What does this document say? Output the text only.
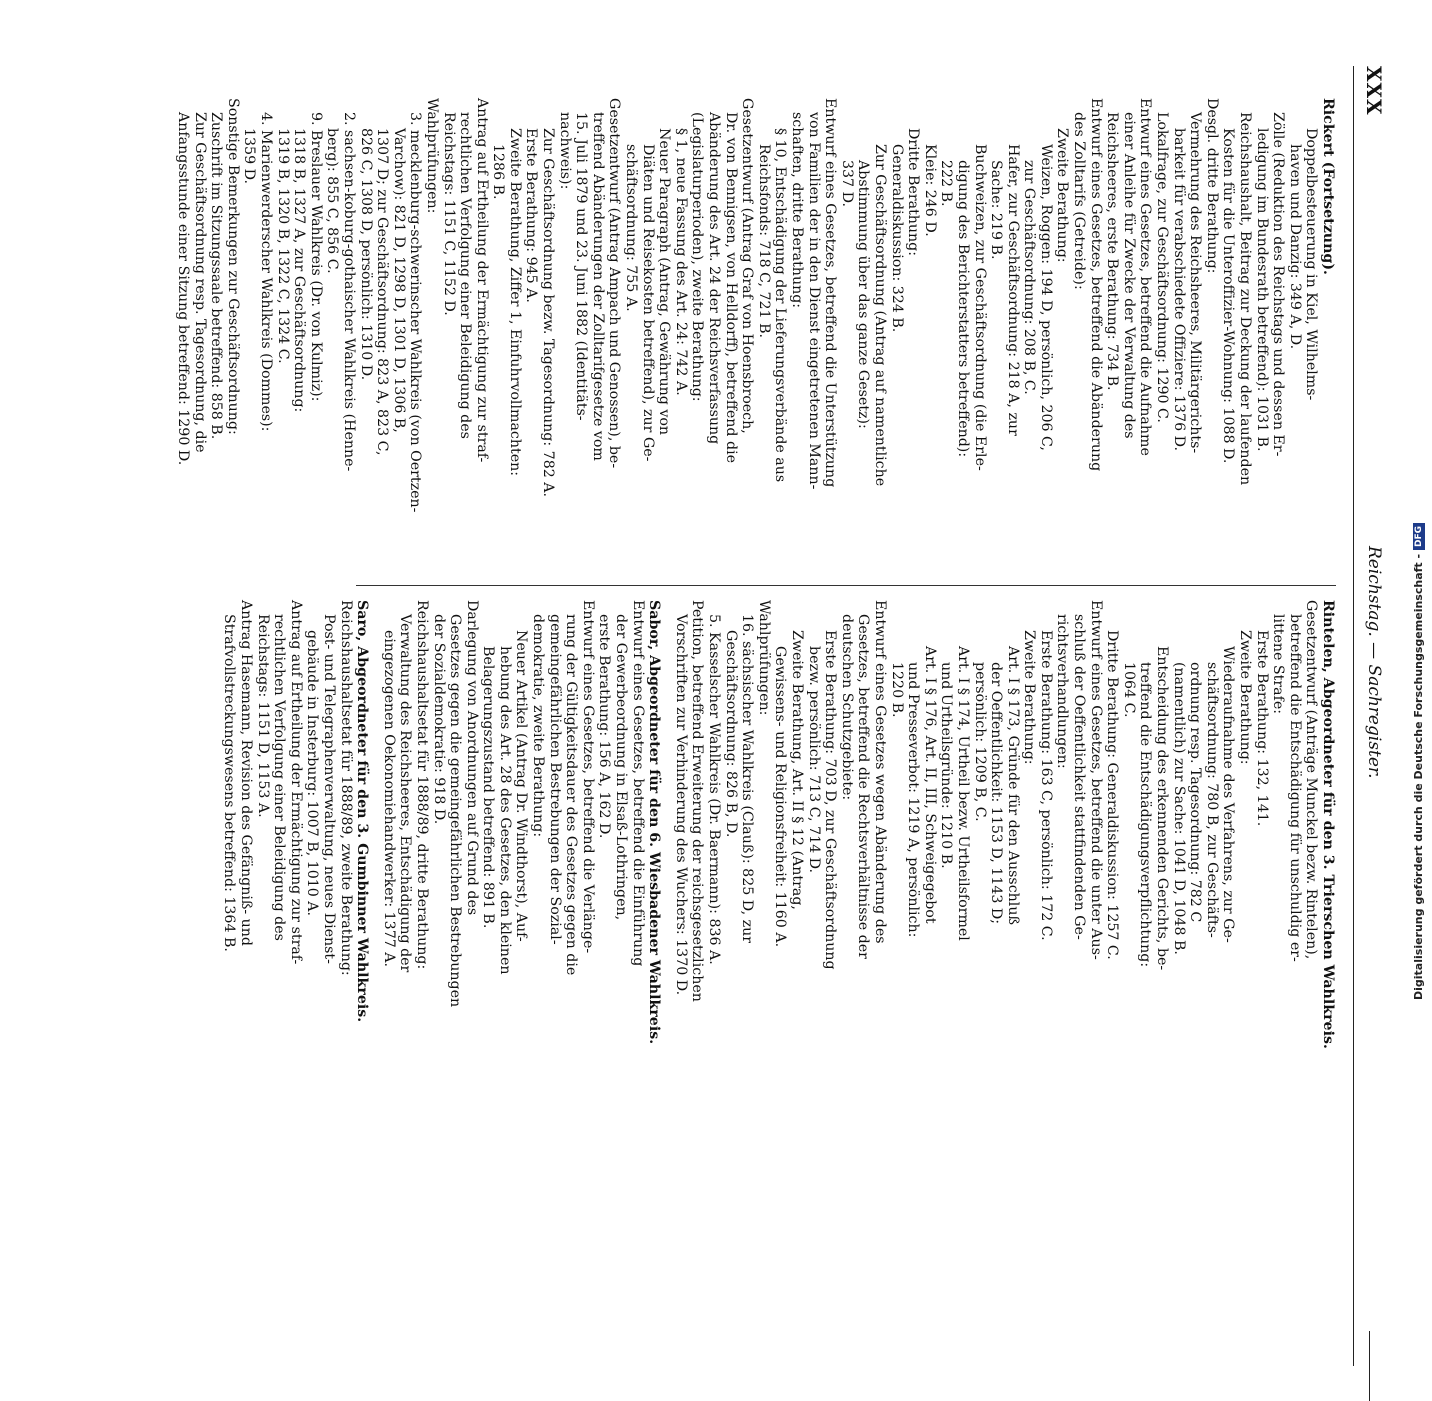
XXX
Reichstag. — Sachregister.
Rickert (Fortsetzung).
Doppelbesteuerung in Kiel, Wilhelms-
haven und Danzig: 349 A, D.
Zölle (Reduktion des Reichstags und dessen Er-
ledigung im Bundesrath betreffend): 1031 B.
Reichshaushalt, Beitrag zur Deckung der laufenden
Kosten für die Unteroffizier-Wohnung: 1088 D.
Desgl. dritte Berathung:
Vermehrung des Reichsheeres, Militärgerichts-
barkeit für verabschiedete Offiziere: 1376 D.
Lokalfrage, zur Geschäftsordnung: 1290 C.
Entwurf eines Gesetzes, betreffend die Aufnahme
einer Anleihe für Zwecke der Verwaltung des
Reichsheeres, erste Berathung: 734 B.
Entwurf eines Gesetzes, betreffend die Abänderung
des Zolltarifs (Getreide):
Zweite Berathung:
Weizen, Roggen: 194 D, persönlich, 206 C,
zur Geschäftsordnung: 208 B, C.
Hafer, zur Geschäftsordnung: 218 A, zur
Sache: 219 B.
Buchweizen, zur Geschäftsordnung (die Erle-
digung des Berichterstatters betreffend):
222 B.
Kleie: 246 D.
Dritte Berathung:
Generaldiskussion: 324 B.
Zur Geschäftsordnung (Antrag auf namentliche
Abstimmung über das ganze Gesetz):
337 D.
Entwurf eines Gesetzes, betreffend die Unterstützung
von Familien der in den Dienst eingetretenen Mann-
schaften, dritte Berathung:
§ 10, Entschädigung der Lieferungsverbände aus
Reichsfonds: 718 C, 721 B.
Gesetzentwurf (Antrag Graf von Hoensbroech,
Dr. von Bennigsen, von Helldorff), betreffend die
Abänderung des Art. 24 der Reichsverfassung
(Legislaturperioden), zweite Berathung:
§ 1, neue Fassung des Art. 24: 742 A.
Neuer Paragraph (Antrag, Gewährung von
Diäten und Reisekosten betreffend), zur Ge-
schäftsordnung: 755 A.
Gesetzentwurf (Antrag Ampach und Genossen), be-
treffend Abänderungen der Zolltarifgesetze vom
15. Juli 1879 und 23. Juni 1882 (Identitäts-
nachweis):
Zur Geschäftsordnung bezw. Tagesordnung: 782 A.
Erste Berathung: 945 A.
Zweite Berathung, Ziffer 1, Einfuhrvollmachten:
1286 B.
Antrag auf Ertheilung der Ermächtigung zur straf-
rechtlichen Verfolgung einer Beleidigung des
Reichstags: 1151 C, 1152 D.
Wahlprüfungen:
3. mecklenburg-schwerinscher Wahlkreis (von Oertzen-
Varchow): 821 D, 1298 D, 1301 D, 1306 B,
1307 D; zur Geschäftsordnung: 823 A, 823 C,
826 C, 1308 D, persönlich: 1310 D.
2. sachsen-koburg-gothaischer Wahlkreis (Henne-
berg): 855 C, 856 C.
9. Breslauer Wahlkreis (Dr. von Kulmiz):
1318 B, 1327 A, zur Geschäftsordnung:
1319 B, 1320 B, 1322 C, 1324 C.
4. Marienwerderscher Wahlkreis (Dommes):
1359 D.
Sonstige Bemerkungen zur Geschäftsordnung:
Zuschrift im Sitzungssaale betreffend: 858 B.
Zur Geschäftsordnung resp. Tagesordnung, die
Anfangsstunde einer Sitzung betreffend: 1290 D.
Rintelen, Abgeordneter für den 3. Trierschen Wahlkreis.
Gesetzentwurf (Anträge Munckel bezw. Rintelen),
betreffend die Entschädigung für unschuldig er-
littene Strafe:
Erste Berathung: 132, 141.
Zweite Berathung:
Wiederaufnahme des Verfahrens, zur Ge-
schäftsordnung: 780 B, zur Geschäfts-
ordnung resp. Tagesordnung: 782 C
(namentlich) zur Sache: 1041 D, 1048 B.
Entscheidung des erkennenden Gerichts, be-
treffend die Entschädigungsverpflichtung:
1064 C.
Dritte Berathung: Generaldiskussion: 1257 C.
Entwurf eines Gesetzes, betreffend die unter Aus-
schluß der Oeffentlichkeit stattfindenden Ge-
richtsverhandlungen:
Erste Berathung: 163 C, persönlich: 172 C.
Zweite Berathung:
Art. I § 173, Gründe für den Ausschluß
der Oeffentlichkeit: 1153 D, 1143 D;
persönlich: 1209 B, C.
Art. I § 174, Urtheil bezw. Urtheilsformel
und Urtheilsgründe: 1210 B.
Art. I § 176, Art. II, III, Schweigegebot
und Presseverbot: 1219 A, persönlich:
1220 B.
Entwurf eines Gesetzes wegen Abänderung des
Gesetzes, betreffend die Rechtsverhältnisse der
deutschen Schutzgebiete:
Erste Berathung: 703 D, zur Geschäftsordnung
bezw. persönlich: 713 C, 714 D.
Zweite Berathung, Art. II § 12 (Antrag,
Gewissens- und Religionsfreiheit: 1160 A.
Wahlprüfungen:
16. sächsischer Wahlkreis (Clauß): 825 D, zur
Geschäftsordnung: 826 B, D.
5. Kasselscher Wahlkreis (Dr. Baermann): 836 A.
Petition, betreffend Erweiterung der reichsgesetzlichen
Vorschriften zur Verhinderung des Wuchers: 1370 D.
Sabor, Abgeordneter für den 6. Wiesbadener Wahlkreis.
Entwurf eines Gesetzes, betreffend die Einführung
der Gewerbeordnung in Elsaß-Lothringen,
erste Berathung: 156 A, 162 D.
Entwurf eines Gesetzes, betreffend die Verlänge-
rung der Gültigkeitsdauer des Gesetzes gegen die
gemeingefährlichen Bestrebungen der Sozial-
demokratie, zweite Berathung:
Neuer Artikel (Antrag Dr. Windthorst), Auf-
hebung des Art. 28 des Gesetzes, den kleinen
Belagerungszustand betreffend: 891 B.
Darlegung von Anordnungen auf Grund des
Gesetzes gegen die gemeingefährlichen Bestrebungen
der Sozialdemokratie: 918 D.
Reichshaushaltsetat für 1888/89, dritte Berathung:
Verwaltung des Reichsheeres, Entschädigung der
eingezogenen Oekonomiehandwerker: 1377 A.
Saro, Abgeordneter für den 3. Gumbinner Wahlkreis.
Reichshaushaltsetat für 1888/89, zweite Berathung:
Post- und Telegraphenverwaltung, neues Dienst-
gebäude in Insterburg: 1007 B, 1010 A.
Antrag auf Ertheilung der Ermächtigung zur straf-
rechtlichen Verfolgung einer Beleidigung des
Reichstags: 1151 D, 1153 A.
Antrag Hasemann, Revision des Gefängniß- und
Strafvollstreckungswesens betreffend: 1364 B.	Digitalisierung gefördert durch die Deutsche Forschungsgemeinschaft -DFG
